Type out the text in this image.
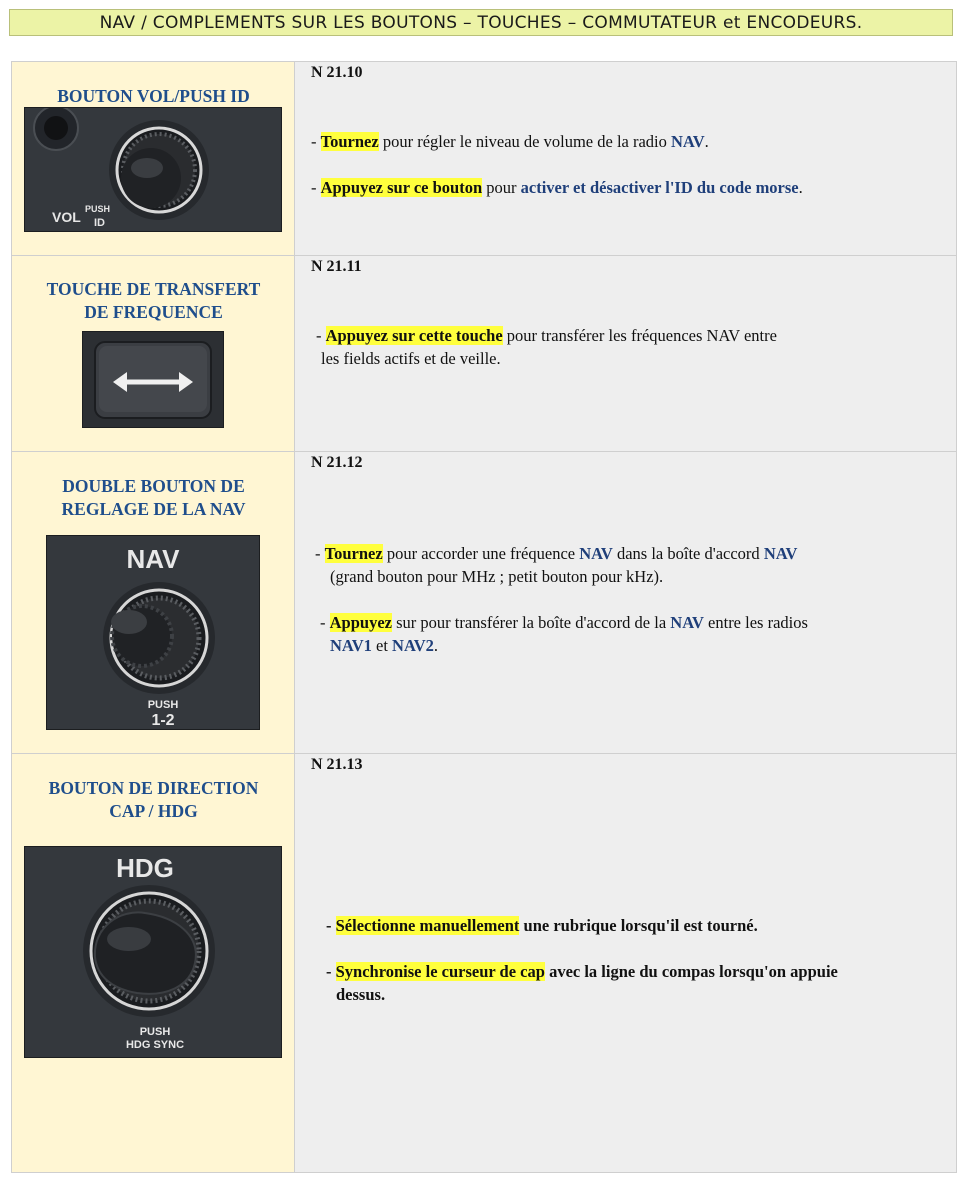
NAV / COMPLEMENTS SUR LES BOUTONS – TOUCHES – COMMUTATEUR et ENCODEURS.
BOUTON VOL/PUSH ID
VOL PUSH
ID
N 21.10
- Tournez pour régler le niveau de volume de la radio NAV.
- Appuyez sur ce bouton pour activer et désactiver l'ID du code morse.
TOUCHE DE TRANSFERT
DE FREQUENCE
N 21.11
- Appuyez sur cette touche pour transférer les fréquences NAV entre
les fields actifs et de veille.
DOUBLE BOUTON DE
REGLAGE DE LA NAV
NAV
PUSH
1-2
N 21.12
- Tournez pour accorder une fréquence NAV dans la boîte d'accord NAV
(grand bouton pour MHz ; petit bouton pour kHz).
- Appuyez sur pour transférer la boîte d'accord de la NAV entre les radios
NAV1 et NAV2.
BOUTON DE DIRECTION
CAP / HDG
HDG
PUSH
HDG SYNC
N 21.13
- Sélectionne manuellement une rubrique lorsqu'il est tourné.
- Synchronise le curseur de cap avec la ligne du compas lorsqu'on appuie
dessus.
